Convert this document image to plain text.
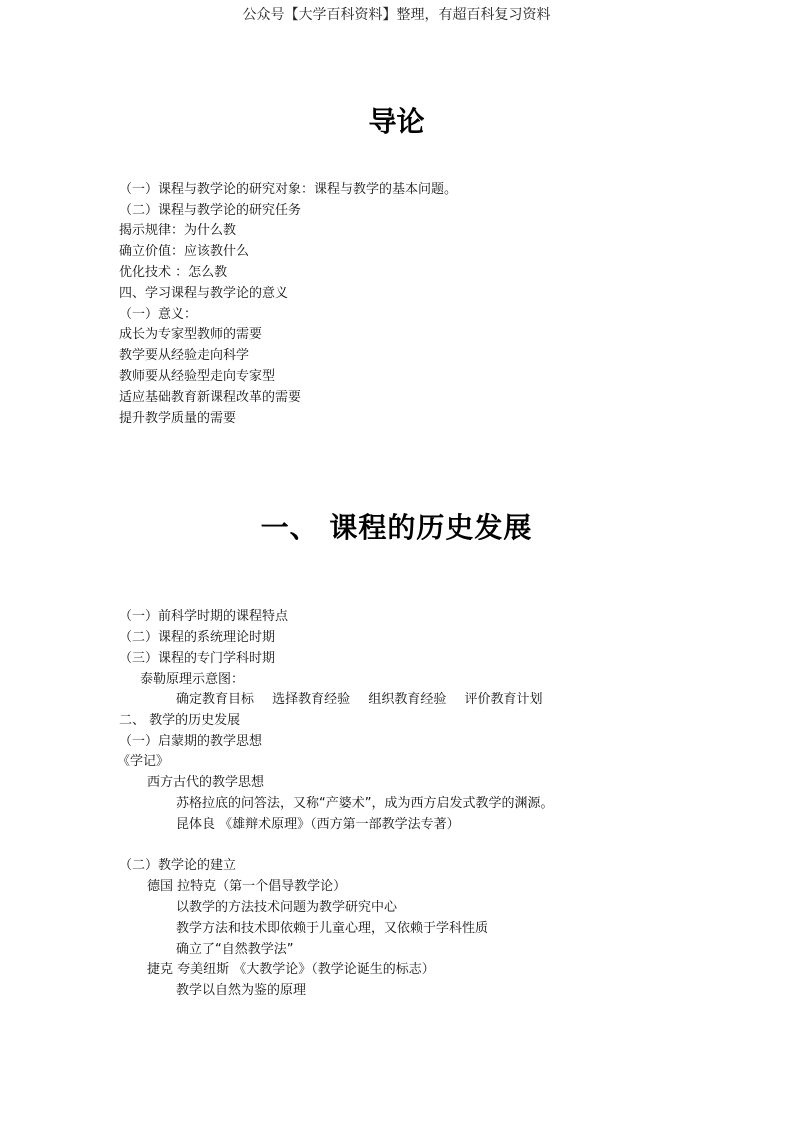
公众号【大学百科资料】整理，有超百科复习资料
导论
（一）课程与教学论的研究对象：课程与教学的基本问题。
（二）课程与教学论的研究任务
揭示规律：为什么教
确立价值：应该教什么
优化技术 ：怎么教
四、学习课程与教学论的意义
（一）意义：
成长为专家型教师的需要
教学要从经验走向科学
教师要从经验型走向专家型
适应基础教育新课程改革的需要
提升教学质量的需要
一、 课程的历史发展
（一）前科学时期的课程特点
（二）课程的系统理论时期
（三）课程的专门学科时期
泰勒原理示意图：
确定教育目标 选择教育经验 组织教育经验 评价教育计划
二、 教学的历史发展
（一）启蒙期的教学思想
《学记》
西方古代的教学思想
苏格拉底的问答法，又称“产婆术”，成为西方启发式教学的渊源。
昆体良 《雄辩术原理》（西方第一部教学法专著）
（二）教学论的建立
德国 拉特克（第一个倡导教学论）
以教学的方法技术问题为教学研究中心
教学方法和技术即依赖于儿童心理，又依赖于学科性质
确立了“自然教学法”
捷克 夸美纽斯 《大教学论》（教学论诞生的标志）
教学以自然为鉴的原理
